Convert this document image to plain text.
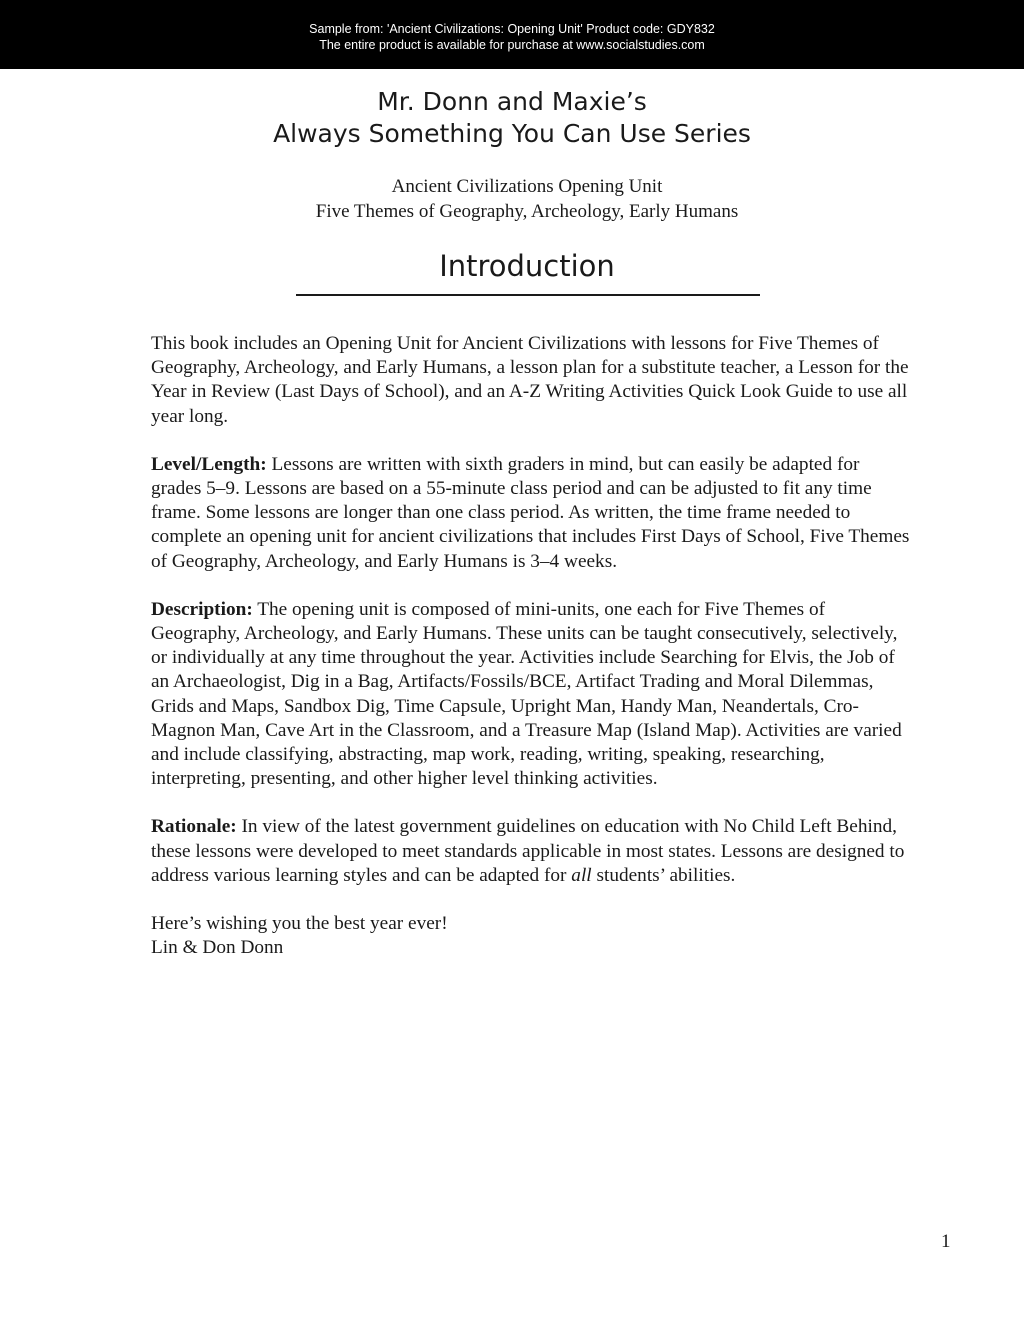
Sample from: 'Ancient Civilizations: Opening Unit' Product code: GDY832
The entire product is available for purchase at www.socialstudies.com
Mr. Donn and Maxie’s
Always Something You Can Use Series
Ancient Civilizations Opening Unit
Five Themes of Geography, Archeology, Early Humans
Introduction

This book includes an Opening Unit for Ancient Civilizations with lessons for Five Themes of Geography, Archeology, and Early Humans, a lesson plan for a substitute teacher, a Lesson for the Year in Review (Last Days of School), and an A-Z Writing Activities Quick Look Guide to use all year long.

Level/Length: Lessons are written with sixth graders in mind, but can easily be adapted for grades 5–9. Lessons are based on a 55-minute class period and can be adjusted to fit any time frame. Some lessons are longer than one class period. As written, the time frame needed to complete an opening unit for ancient civilizations that includes First Days of School, Five Themes of Geography, Archeology, and Early Humans is 3–4 weeks.

Description: The opening unit is composed of mini-units, one each for Five Themes of Geography, Archeology, and Early Humans. These units can be taught consecutively, selectively, or individually at any time throughout the year. Activities include Searching for Elvis, the Job of an Archaeologist, Dig in a Bag, Artifacts/Fossils/BCE, Artifact Trading and Moral Dilemmas, Grids and Maps, Sandbox Dig, Time Capsule, Upright Man, Handy Man, Neandertals, Cro-Magnon Man, Cave Art in the Classroom, and a Treasure Map (Island Map). Activities are varied and include classifying, abstracting, map work, reading, writing, speaking, researching, interpreting, presenting, and other higher level thinking activities.

Rationale: In view of the latest government guidelines on education with No Child Left Behind, these lessons were developed to meet standards applicable in most states. Lessons are designed to address various learning styles and can be adapted for all students’ abilities.

Here’s wishing you the best year ever!
Lin & Don Donn
1
